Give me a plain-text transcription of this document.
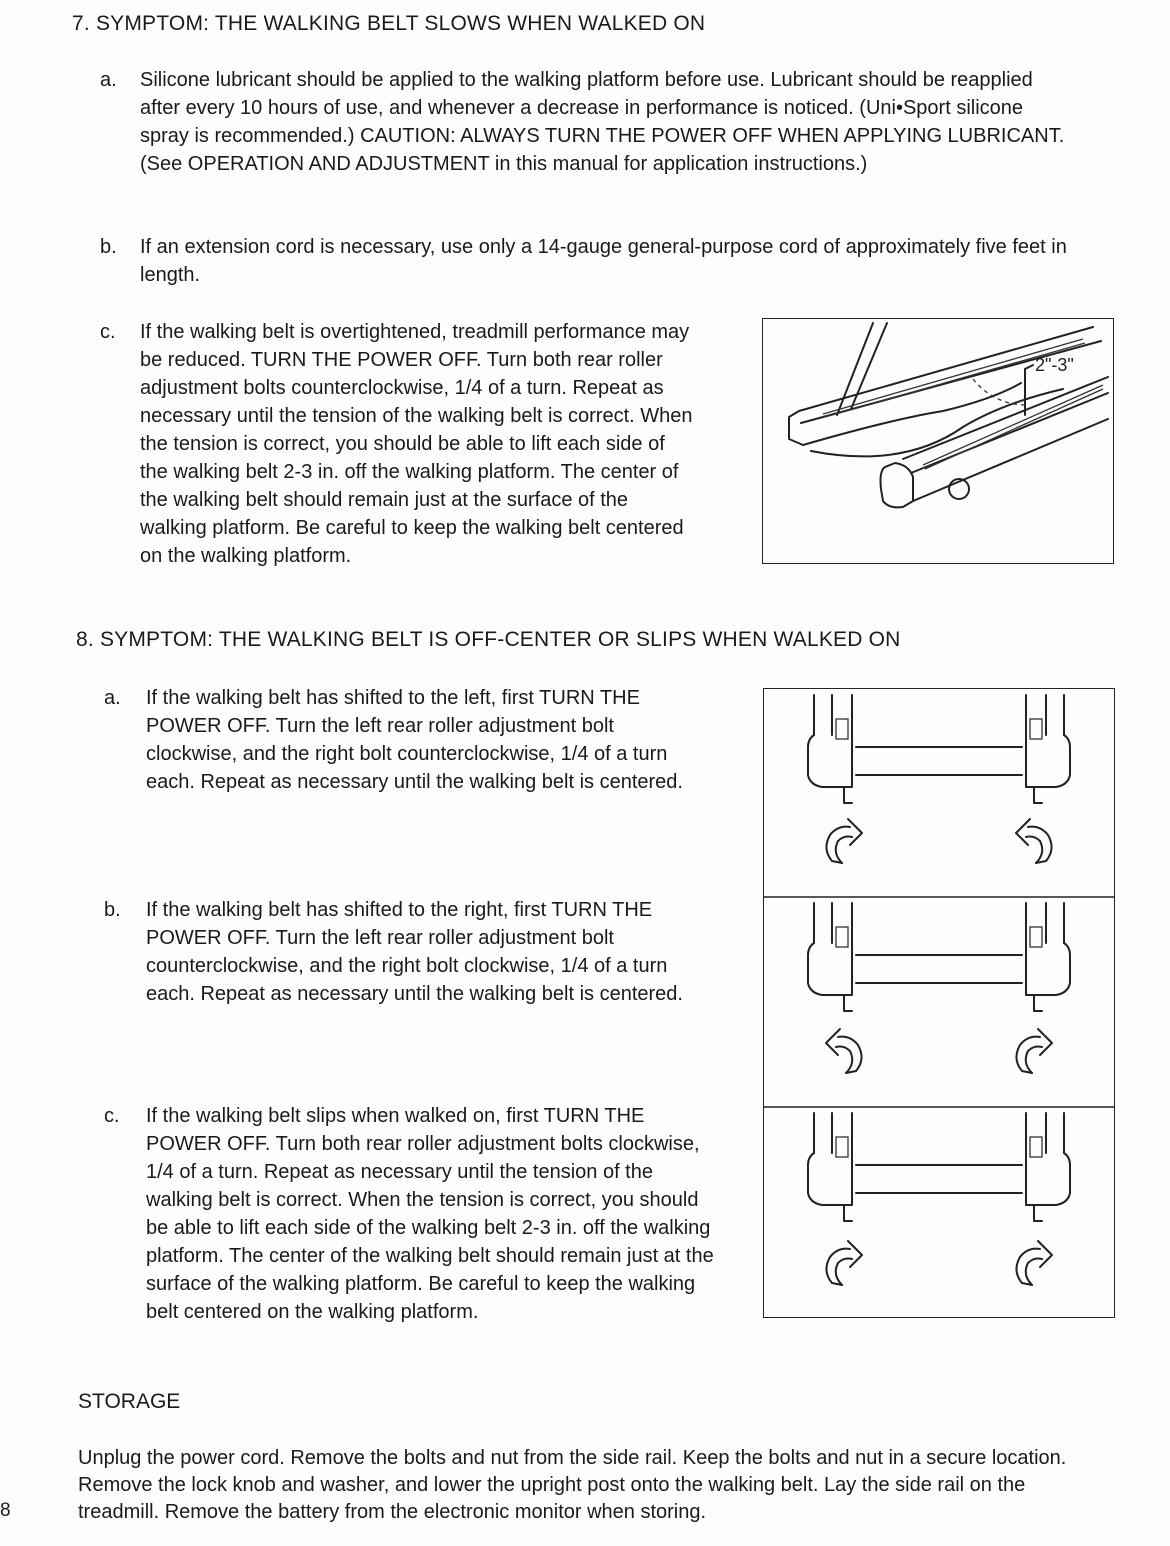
7. SYMPTOM: THE WALKING BELT SLOWS WHEN WALKED ON
a. Silicone lubricant should be applied to the walking platform before use. Lubricant should be reapplied after every 10 hours of use, and whenever a decrease in performance is noticed. (Uni•Sport silicone spray is recommended.) CAUTION: ALWAYS TURN THE POWER OFF WHEN APPLYING LUBRICANT. (See OPERATION AND ADJUSTMENT in this manual for application instructions.)
b. If an extension cord is necessary, use only a 14-gauge general-purpose cord of approximately five feet in length.
c. If the walking belt is overtightened, treadmill performance may be reduced. TURN THE POWER OFF. Turn both rear roller adjustment bolts counterclockwise, 1/4 of a turn. Repeat as necessary until the tension of the walking belt is correct. When the tension is correct, you should be able to lift each side of the walking belt 2-3 in. off the walking platform. The center of the walking belt should remain just at the surface of the walking platform. Be careful to keep the walking belt centered on the walking platform.
2"-3"
8. SYMPTOM: THE WALKING BELT IS OFF-CENTER OR SLIPS WHEN WALKED ON
a. If the walking belt has shifted to the left, first TURN THE POWER OFF. Turn the left rear roller adjustment bolt clockwise, and the right bolt counterclockwise, 1/4 of a turn each. Repeat as necessary until the walking belt is centered.
b. If the walking belt has shifted to the right, first TURN THE POWER OFF. Turn the left rear roller adjustment bolt counterclockwise, and the right bolt clockwise, 1/4 of a turn each. Repeat as necessary until the walking belt is centered.
c. If the walking belt slips when walked on, first TURN THE POWER OFF. Turn both rear roller adjustment bolts clockwise, 1/4 of a turn. Repeat as necessary until the tension of the walking belt is correct. When the tension is correct, you should be able to lift each side of the walking belt 2-3 in. off the walking platform. The center of the walking belt should remain just at the surface of the walking platform. Be careful to keep the walking belt centered on the walking platform.
STORAGE
Unplug the power cord. Remove the bolts and nut from the side rail. Keep the bolts and nut in a secure location. Remove the lock knob and washer, and lower the upright post onto the walking belt. Lay the side rail on the treadmill. Remove the battery from the electronic monitor when storing.
8
